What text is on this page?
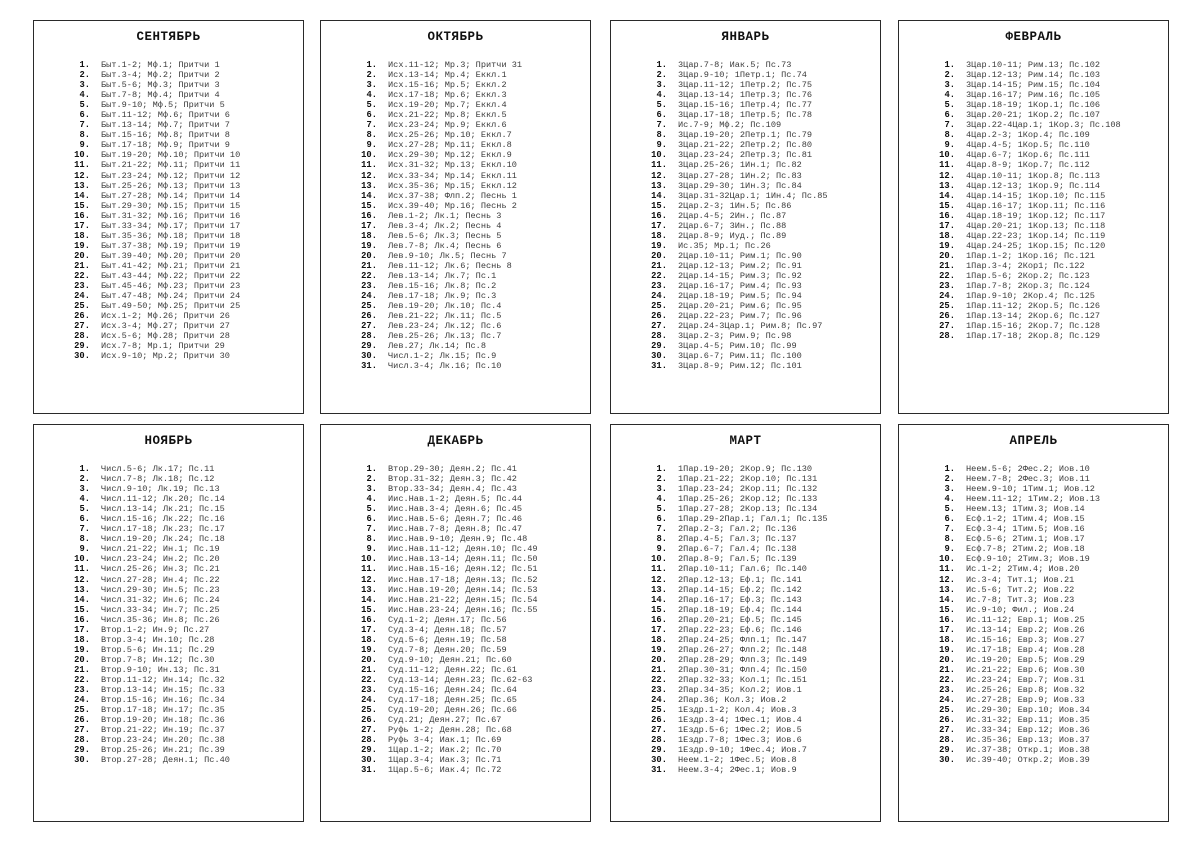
СЕНТЯБРЬ
1. Быт.1-2; Мф.1; Притчи 1
2. Быт.3-4; Мф.2; Притчи 2
3. Быт.5-6; Мф.3; Притчи 3
4. Быт.7-8; Мф.4; Притчи 4
5. Быт.9-10; Мф.5; Притчи 5
6. Быт.11-12; Мф.6; Притчи 6
7. Быт.13-14; Мф.7; Притчи 7
8. Быт.15-16; Мф.8; Притчи 8
9. Быт.17-18; Мф.9; Притчи 9
10. Быт.19-20; Мф.10; Притчи 10
11. Быт.21-22; Мф.11; Притчи 11
12. Быт.23-24; Мф.12; Притчи 12
13. Быт.25-26; Мф.13; Притчи 13
14. Быт.27-28; Мф.14; Притчи 14
15. Быт.29-30; Мф.15; Притчи 15
16. Быт.31-32; Мф.16; Притчи 16
17. Быт.33-34; Мф.17; Притчи 17
18. Быт.35-36; Мф.18; Притчи 18
19. Быт.37-38; Мф.19; Притчи 19
20. Быт.39-40; Мф.20; Притчи 20
21. Быт.41-42; Мф.21; Притчи 21
22. Быт.43-44; Мф.22; Притчи 22
23. Быт.45-46; Мф.23; Притчи 23
24. Быт.47-48; Мф.24; Притчи 24
25. Быт.49-50; Мф.25; Притчи 25
26. Исх.1-2; Мф.26; Притчи 26
27. Исх.3-4; Мф.27; Притчи 27
28. Исх.5-6; Мф.28; Притчи 28
29. Исх.7-8; Мр.1; Притчи 29
30. Исх.9-10; Мр.2; Притчи 30
ОКТЯБРЬ
1. Исх.11-12; Мр.3; Притчи 31
2. Исх.13-14; Мр.4; Еккл.1
3. Исх.15-16; Мр.5; Еккл.2
4. Исх.17-18; Мр.6; Еккл.3
5. Исх.19-20; Мр.7; Еккл.4
6. Исх.21-22; Мр.8; Еккл.5
7. Исх.23-24; Мр.9; Еккл.6
8. Исх.25-26; Мр.10; Еккл.7
9. Исх.27-28; Мр.11; Еккл.8
10. Исх.29-30; Мр.12; Еккл.9
11. Исх.31-32; Мр.13; Еккл.10
12. Исх.33-34; Мр.14; Еккл.11
13. Исх.35-36; Мр.15; Еккл.12
14. Исх.37-38; Флп.2; Песнь 1
15. Исх.39-40; Мр.16; Песнь 2
16. Лев.1-2; Лк.1; Песнь 3
17. Лев.3-4; Лк.2; Песнь 4
18. Лев.5-6; Лк.3; Песнь 5
19. Лев.7-8; Лк.4; Песнь 6
20. Лев.9-10; Лк.5; Песнь 7
21. Лев.11-12; Лк.6; Песнь 8
22. Лев.13-14; Лк.7; Пс.1
23. Лев.15-16; Лк.8; Пс.2
24. Лев.17-18; Лк.9; Пс.3
25. Лев.19-20; Лк.10; Пс.4
26. Лев.21-22; Лк.11; Пс.5
27. Лев.23-24; Лк.12; Пс.6
28. Лев.25-26; Лк.13; Пс.7
29. Лев.27; Лк.14; Пс.8
30. Числ.1-2; Лк.15; Пс.9
31. Числ.3-4; Лк.16; Пс.10
ЯНВАРЬ
1. 3Цар.7-8; Иак.5; Пс.73
2. 3Цар.9-10; 1Петр.1; Пс.74
3. 3Цар.11-12; 1Петр.2; Пс.75
4. 3Цар.13-14; 1Петр.3; Пс.76
5. 3Цар.15-16; 1Петр.4; Пс.77
6. 3Цар.17-18; 1Петр.5; Пс.78
7. Ис.7-9; Мф.2; Пс.109
8. 3Цар.19-20; 2Петр.1; Пс.79
9. 3Цар.21-22; 2Петр.2; Пс.80
10. 3Цар.23-24; 2Петр.3; Пс.81
11. 3Цар.25-26; 1Ин.1; Пс.82
12. 3Цар.27-28; 1Ин.2; Пс.83
13. 3Цар.29-30; 1Ин.3; Пс.84
14. 3Цар.31-32Цар.1; 1Ин.4; Пс.85
15. 2Цар.2-3; 1Ин.5; Пс.86
16. 2Цар.4-5; 2Ин.; Пс.87
17. 2Цар.6-7; 3Ин.; Пс.88
18. 2Цар.8-9; Иуд.; Пс.89
19. Ис.35; Мр.1; Пс.26
20. 2Цар.10-11; Рим.1; Пс.90
21. 2Цар.12-13; Рим.2; Пс.91
22. 2Цар.14-15; Рим.3; Пс.92
23. 2Цар.16-17; Рим.4; Пс.93
24. 2Цар.18-19; Рим.5; Пс.94
25. 2Цар.20-21; Рим.6; Пс.95
26. 2Цар.22-23; Рим.7; Пс.96
27. 2Цар.24-3Цар.1; Рим.8; Пс.97
28. 3Цар.2-3; Рим.9; Пс.98
29. 3Цар.4-5; Рим.10; Пс.99
30. 3Цар.6-7; Рим.11; Пс.100
31. 3Цар.8-9; Рим.12; Пс.101
ФЕВРАЛЬ
1. 3Цар.10-11; Рим.13; Пс.102
2. 3Цар.12-13; Рим.14; Пс.103
3. 3Цар.14-15; Рим.15; Пс.104
4. 3Цар.16-17; Рим.16; Пс.105
5. 3Цар.18-19; 1Кор.1; Пс.106
6. 3Цар.20-21; 1Кор.2; Пс.107
7. 3Цар.22-4Цар.1; 1Кор.3; Пс.108
8. 4Цар.2-3; 1Кор.4; Пс.109
9. 4Цар.4-5; 1Кор.5; Пс.110
10. 4Цар.6-7; 1Кор.6; Пс.111
11. 4Цар.8-9; 1Кор.7; Пс.112
12. 4Цар.10-11; 1Кор.8; Пс.113
13. 4Цар.12-13; 1Кор.9; Пс.114
14. 4Цар.14-15; 1Кор.10; Пс.115
15. 4Цар.16-17; 1Кор.11; Пс.116
16. 4Цар.18-19; 1Кор.12; Пс.117
17. 4Цар.20-21; 1Кор.13; Пс.118
18. 4Цар.22-23; 1Кор.14; Пс.119
19. 4Цар.24-25; 1Кор.15; Пс.120
20. 1Пар.1-2; 1Кор.16; Пс.121
21. 1Пар.3-4; 2Кор1; Пс.122
22. 1Пар.5-6; 2Кор.2; Пс.123
23. 1Пар.7-8; 2Кор.3; Пс.124
24. 1Пар.9-10; 2Кор.4; Пс.125
25. 1Пар.11-12; 2Кор.5; Пс.126
26. 1Пар.13-14; 2Кор.6; Пс.127
27. 1Пар.15-16; 2Кор.7; Пс.128
28. 1Пар.17-18; 2Кор.8; Пс.129
НОЯБРЬ
1. Числ.5-6; Лк.17; Пс.11
2. Числ.7-8; Лк.18; Пс.12
3. Числ.9-10; Лк.19; Пс.13
4. Числ.11-12; Лк.20; Пс.14
5. Числ.13-14; Лк.21; Пс.15
6. Числ.15-16; Лк.22; Пс.16
7. Числ.17-18; Лк.23; Пс.17
8. Числ.19-20; Лк.24; Пс.18
9. Числ.21-22; Ин.1; Пс.19
10. Числ.23-24; Ин.2; Пс.20
11. Числ.25-26; Ин.3; Пс.21
12. Числ.27-28; Ин.4; Пс.22
13. Числ.29-30; Ин.5; Пс.23
14. Числ.31-32; Ин.6; Пс.24
15. Числ.33-34; Ин.7; Пс.25
16. Числ.35-36; Ин.8; Пс.26
17. Втор.1-2; Ин.9; Пс.27
18. Втор.3-4; Ин.10; Пс.28
19. Втор.5-6; Ин.11; Пс.29
20. Втор.7-8; Ин.12; Пс.30
21. Втор.9-10; Ин.13; Пс.31
22. Втор.11-12; Ин.14; Пс.32
23. Втор.13-14; Ин.15; Пс.33
24. Втор.15-16; Ин.16; Пс.34
25. Втор.17-18; Ин.17; Пс.35
26. Втор.19-20; Ин.18; Пс.36
27. Втор.21-22; Ин.19; Пс.37
28. Втор.23-24; Ин.20; Пс.38
29. Втор.25-26; Ин.21; Пс.39
30. Втор.27-28; Деян.1; Пс.40
ДЕКАБРЬ
1. Втор.29-30; Деян.2; Пс.41
2. Втор.31-32; Деян.3; Пс.42
3. Втор.33-34; Деян.4; Пс.43
4. Иис.Нав.1-2; Деян.5; Пс.44
5. Иис.Нав.3-4; Деян.6; Пс.45
6. Иис.Нав.5-6; Деян.7; Пс.46
7. Иис.Нав.7-8; Деян.8; Пс.47
8. Иис.Нав.9-10; Деян.9; Пс.48
9. Иис.Нав.11-12; Деян.10; Пс.49
10. Иис.Нав.13-14; Деян.11; Пс.50
11. Иис.Нав.15-16; Деян.12; Пс.51
12. Иис.Нав.17-18; Деян.13; Пс.52
13. Иис.Нав.19-20; Деян.14; Пс.53
14. Иис.Нав.21-22; Деян.15; Пс.54
15. Иис.Нав.23-24; Деян.16; Пс.55
16. Суд.1-2; Деян.17; Пс.56
17. Суд.3-4; Деян.18; Пс.57
18. Суд.5-6; Деян.19; Пс.58
19. Суд.7-8; Деян.20; Пс.59
20. Суд.9-10; Деян.21; Пс.60
21. Суд.11-12; Деян.22; Пс.61
22. Суд.13-14; Деян.23; Пс.62-63
23. Суд.15-16; Деян.24; Пс.64
24. Суд.17-18; Деян.25; Пс.65
25. Суд.19-20; Деян.26; Пс.66
26. Суд.21; Деян.27; Пс.67
27. Руфь 1-2; Деян.28; Пс.68
28. Руфь 3-4; Иак.1; Пс.69
29. 1Цар.1-2; Иак.2; Пс.70
30. 1Цар.3-4; Иак.3; Пс.71
31. 1Цар.5-6; Иак.4; Пс.72
МАРТ
1. 1Пар.19-20; 2Кор.9; Пс.130
2. 1Пар.21-22; 2Кор.10; Пс.131
3. 1Пар.23-24; 2Кор.11; Пс.132
4. 1Пар.25-26; 2Кор.12; Пс.133
5. 1Пар.27-28; 2Кор.13; Пс.134
6. 1Пар.29-2Пар.1; Гал.1; Пс.135
7. 2Пар.2-3; Гал.2; Пс.136
8. 2Пар.4-5; Гал.3; Пс.137
9. 2Пар.6-7; Гал.4; Пс.138
10. 2Пар.8-9; Гал.5; Пс.139
11. 2Пар.10-11; Гал.6; Пс.140
12. 2Пар.12-13; Еф.1; Пс.141
13. 2Пар.14-15; Еф.2; Пс.142
14. 2Пар.16-17; Еф.3; Пс.143
15. 2Пар.18-19; Еф.4; Пс.144
16. 2Пар.20-21; Еф.5; Пс.145
17. 2Пар.22-23; Еф.6; Пс.146
18. 2Пар.24-25; Флп.1; Пс.147
19. 2Пар.26-27; Флп.2; Пс.148
20. 2Пар.28-29; Флп.3; Пс.149
21. 2Пар.30-31; Флп.4; Пс.150
22. 2Пар.32-33; Кол.1; Пс.151
23. 2Пар.34-35; Кол.2; Иов.1
24. 2Пар.36; Кол.3; Иов.2
25. 1Ездр.1-2; Кол.4; Иов.3
26. 1Ездр.3-4; 1Фес.1; Иов.4
27. 1Ездр.5-6; 1Фес.2; Иов.5
28. 1Ездр.7-8; 1Фес.3; Иов.6
29. 1Ездр.9-10; 1Фес.4; Иов.7
30. Неем.1-2; 1Фес.5; Иов.8
31. Неем.3-4; 2Фес.1; Иов.9
АПРЕЛЬ
1. Неем.5-6; 2Фес.2; Иов.10
2. Неем.7-8; 2Фес.3; Иов.11
3. Неем.9-10; 1Тим.1; Иов.12
4. Неем.11-12; 1Тим.2; Иов.13
5. Неем.13; 1Тим.3; Иов.14
6. Есф.1-2; 1Тим.4; Иов.15
7. Есф.3-4; 1Тим.5; Иов.16
8. Есф.5-6; 2Тим.1; Иов.17
9. Есф.7-8; 2Тим.2; Иов.18
10. Есф.9-10; 2Тим.3; Иов.19
11. Ис.1-2; 2Тим.4; Иов.20
12. Ис.3-4; Тит.1; Иов.21
13. Ис.5-6; Тит.2; Иов.22
14. Ис.7-8; Тит.3; Иов.23
15. Ис.9-10; Фил.; Иов.24
16. Ис.11-12; Евр.1; Иов.25
17. Ис.13-14; Евр.2; Иов.26
18. Ис.15-16; Евр.3; Иов.27
19. Ис.17-18; Евр.4; Иов.28
20. Ис.19-20; Евр.5; Иов.29
21. Ис.21-22; Евр.6; Иов.30
22. Ис.23-24; Евр.7; Иов.31
23. Ис.25-26; Евр.8; Иов.32
24. Ис.27-28; Евр.9; Иов.33
25. Ис.29-30; Евр.10; Иов.34
26. Ис.31-32; Евр.11; Иов.35
27. Ис.33-34; Евр.12; Иов.36
28. Ис.35-36; Евр.13; Иов.37
29. Ис.37-38; Откр.1; Иов.38
30. Ис.39-40; Откр.2; Иов.39
